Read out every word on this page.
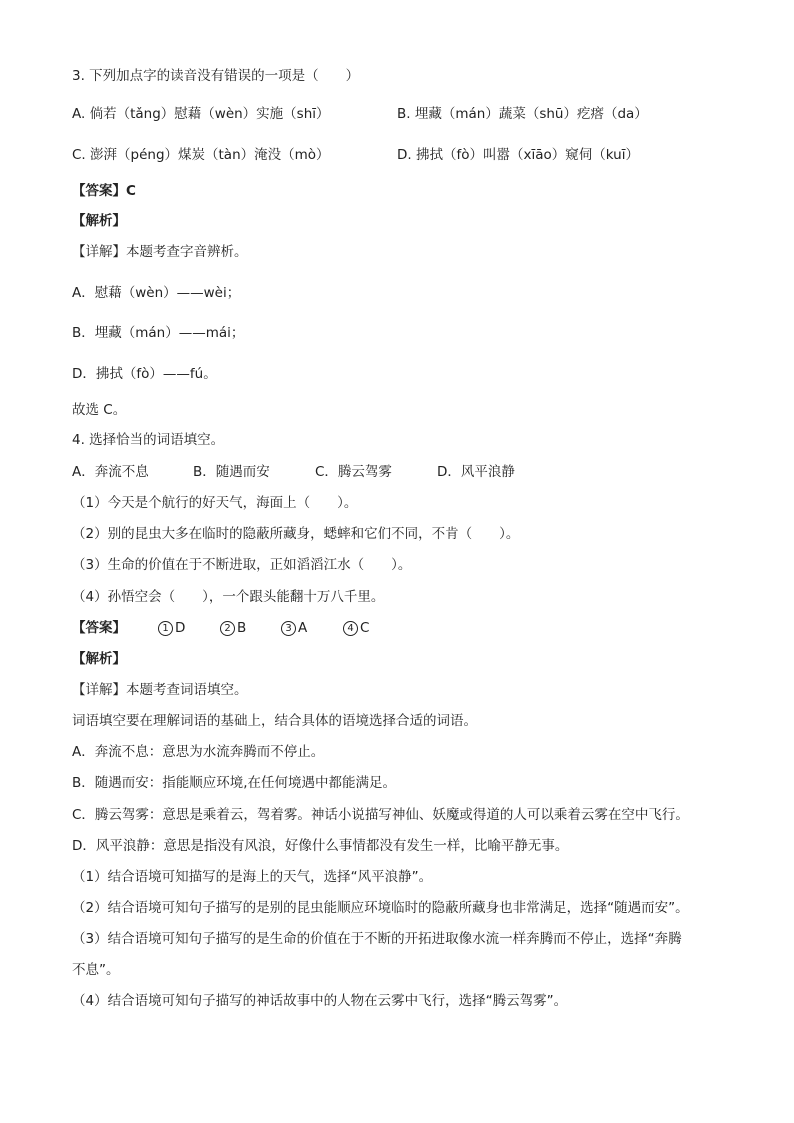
3. 下列加点字的读音没有错误的一项是（　　）
A. 倘若（tǎng）慰藉（wèn）实施（shī）	B. 埋藏（mán）蔬菜（shū）疙瘩（da）
C. 澎湃（péng）煤炭（tàn）淹没（mò）	D. 拂拭（fò）叫嚣（xīāo）窥伺（kuī）
【答案】C
【解析】
【详解】本题考查字音辨析。
A．慰藉（wèn）——wèi；
B．埋藏（mán）——mái；
D．拂拭（fò）——fú。
故选 C。
4. 选择恰当的词语填空。
A．奔流不息	B．随遇而安	C．腾云驾雾	D．风平浪静
（1）今天是个航行的好天气，海面上（　　）。
（2）别的昆虫大多在临时的隐蔽所藏身，蟋蟀和它们不同，不肯（　　）。
（3）生命的价值在于不断进取，正如滔滔江水（　　）。
（4）孙悟空会（　　），一个跟头能翻十万八千里。
【答案】	1 D	2 B	3 A	4 C
【解析】
【详解】本题考查词语填空。
词语填空要在理解词语的基础上，结合具体的语境选择合适的词语。
A．奔流不息：意思为水流奔腾而不停止。
B．随遇而安：指能顺应环境,在任何境遇中都能满足。
C．腾云驾雾：意思是乘着云，驾着雾。神话小说描写神仙、妖魔或得道的人可以乘着云雾在空中飞行。
D．风平浪静：意思是指没有风浪，好像什么事情都没有发生一样，比喻平静无事。
（1）结合语境可知描写的是海上的天气，选择“风平浪静”。
（2）结合语境可知句子描写的是别的昆虫能顺应环境临时的隐蔽所藏身也非常满足，选择“随遇而安”。
（3）结合语境可知句子描写的是生命的价值在于不断的开拓进取像水流一样奔腾而不停止，选择“奔腾
不息”。
（4）结合语境可知句子描写的神话故事中的人物在云雾中飞行，选择“腾云驾雾”。
